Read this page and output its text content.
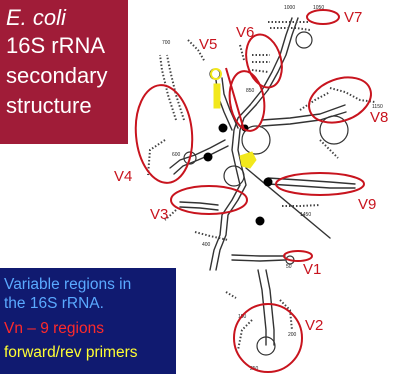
1000	1050
700
850
600
1150
1450
400
50
150
200
250
V1
V2
V3
V4
V5
V6
V7
V8
V9
E. coli
16S rRNA
secondary
structure
Variable regions in
the 16S rRNA.
Vn – 9 regions
forward/rev primers
